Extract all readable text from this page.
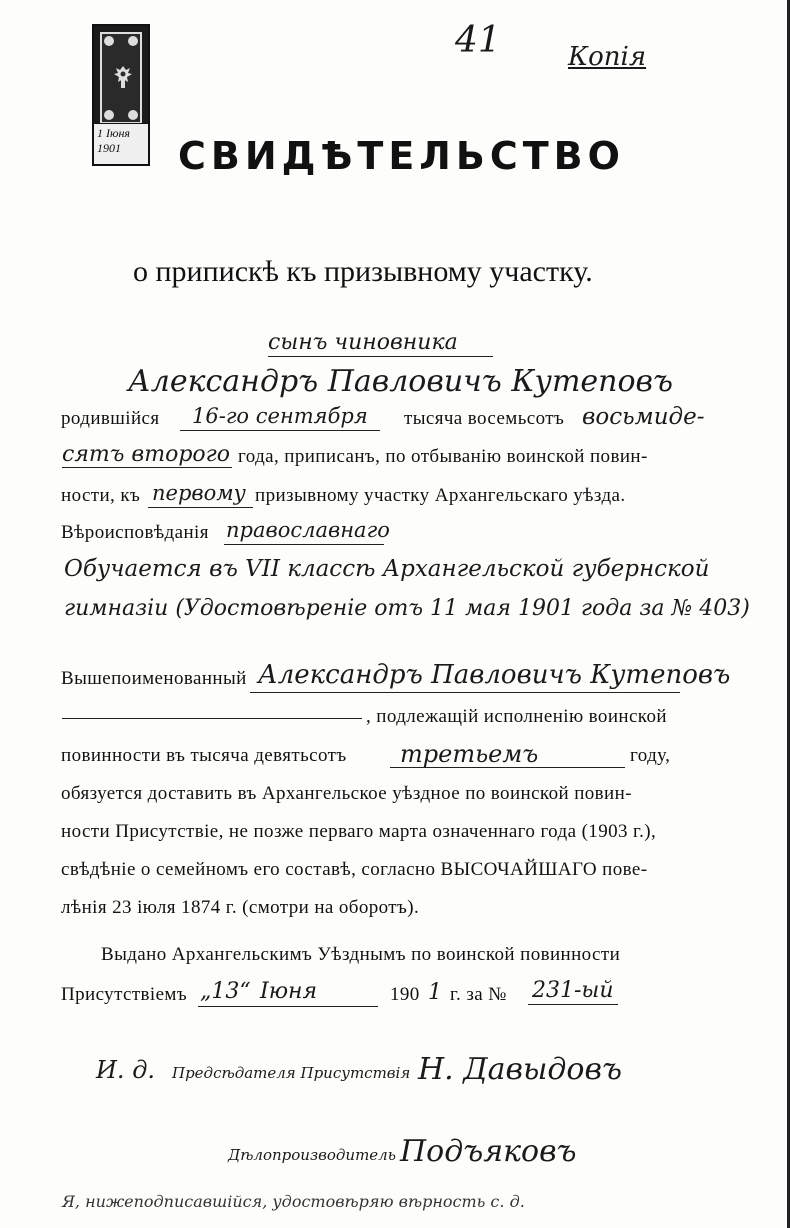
41	Копія
1 Іюня 1901	СВИДѢТЕЛЬСТВО
о припискѣ къ призывному участку.
сынъ чиновника
Александръ Павловичъ Кутеповъ
родившійся 16-го сентября тысяча восемьсотъ восьмиде-
сятъ второго года, приписанъ, по отбыванію воинской повин-
ности, къ первому призывному участку Архангельскаго уѣзда.
Вѣроисповѣданія православнаго
Обучается въ VII классѣ Архангельской губернской
гимназіи (Удостовѣреніе отъ 11 мая 1901 года за № 403)
Вышепоименованный Александръ Павловичъ Кутеповъ
, подлежащій исполненію воинской
повинности въ тысяча девятьсотъ третьемъ	году,
обязуется доставить въ Архангельское уѣздное по воинской повин-
ности Присутствіе, не позже перваго марта означеннаго года (1903 г.),
свѣдѣніе о семейномъ его составѣ, согласно ВЫСОЧАЙШАГО пове-
лѣнія 23 іюля 1874 г. (смотри на оборотъ).
Выдано Архангельскимъ Уѣзднымъ по воинской повинности
Присутствіемъ „13“ Іюня	190 1 г. за № 231-ый
И. д. Предсѣдателя Присутствія Н. Давыдовъ
Дѣлопроизводитель Подъяковъ
Я, нижеподписавшійся, удостовѣряю вѣрность с. д.
